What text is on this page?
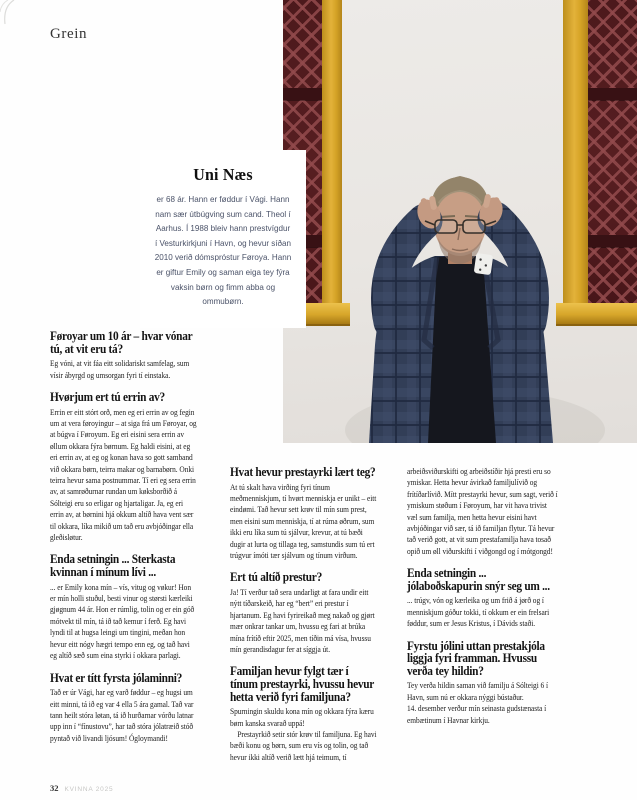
Grein
Uni Næs

er 68 ár. Hann er føddur í Vági. Hann nam sær útbúgving sum cand. Theol í Aarhus. Í 1988 bleiv hann prestvígdur í Vesturkirkjuni í Havn, og hevur síðan 2010 verið dómspróstur Føroya. Hann er giftur Emily og saman eiga tey fýra vaksin børn og fimm abba og ommubørn.

Føroyar um 10 ár – hvar vónar tú, at vit eru tá?

Eg vóni, at vit fáa eitt solidariskt samfelag, sum vísir ábyrgd og umsorgan fyri tí einstaka.

Hvørjum ert tú errin av?

Errin er eitt stórt orð, men eg eri errin av og fegin um at vera føroyingur – at siga frá um Føroyar, og at búgva í Føroyum. Eg eri eisini sera errin av øllum okkara fýra børnum. Eg haldi eisini, at eg eri errin av, at eg og konan hava so gott samband við okkara børn, teirra makar og barnabørn. Onki teirra hevur sama postnummar. Tí eri eg sera errin av, at samrøðurnar rundan um køksborðið á Sólteigi eru so erligar og hjartaligar. Ja, eg eri errin av, at børnini hjá okkum altíð hava vent sær til okkara, líka mikið um tað eru avbjóðingar ella gleðisløtur.

Enda setningin ... Sterkasta kvinnan í mínum lívi ...

... er Emily kona mín – vís, vitug og vøkur! Hon er mín holli stuðul, besti vinur og størsti kærleiki gjøgnum 44 ár. Hon er rúmlig, tolin og er ein góð mótvekt til mín, tá ið tað kemur í ferð. Eg havi lyndi til at hugsa leingi um tingini, meðan hon hevur eitt nógv hægri tempo enn eg, og tað havi eg altíð sæð sum eina styrki í okkara parlagi.

Hvat er títt fyrsta jólaminni?

Tað er úr Vági, har eg varð føddur – eg hugsi um eitt minni, tá ið eg var 4 ella 5 ára gamal. Tað var tann heilt stóra løtan, tá ið hurðarnar vórðu latnar upp inn í “fínustovu”, har tað stóra jólatræið stóð pyntað við livandi ljósum! Ógloymandi!

Hvat hevur prestayrki lært teg?

At tú skalt hava virðing fyri tínum meðmenniskjum, tí hvørt menniskja er unikt – eitt eindømi. Tað hevur sett krøv til mín sum prest, men eisini sum menniskja, tí at rúma øðrum, sum ikki eru líka sum tú sjálvur, krevur, at tú bæði dugir at lurta og tillaga teg, samstundis sum tú ert trúgvur ímóti tær sjálvum og tínum virðum.

Ert tú altíð prestur?

Ja! Tí verður tað sera undarligt at fara undir eitt nýtt tíðarskeið, har eg “bert” eri prestur í hjartanum. Eg havi fyrireikað meg nakað og gjørt mær onkrar tankar um, hvussu eg fari at brúka mína frítíð eftir 2025, men tíðin má vísa, hvussu mín gerandisdagur fer at síggja út.

Familjan hevur fylgt tær í tínum prestayrki, hvussu hevur hetta verið fyri familjuna?

Spurningin skuldu kona mín og okkara fýra kæru børn kanska svarað uppá!

Prestayrkið setir stór krøv til familjuna. Eg havi bæði konu og børn, sum eru vís og tolin, og tað hevur ikki altíð verið lætt hjá teimum, tí

arbeiðsviðurskifti og arbeiðstíðir hjá presti eru so ymiskar. Hetta hevur ávirkað familjulívið og frítíðarlívið. Mítt prestayrki hevur, sum sagt, verið í ymiskum støðum í Føroyum, har vit hava trivist væl sum familja, men hetta hevur eisini havt avbjóðingar við sær, tá ið familjan flytur. Tá hevur tað verið gott, at vit sum prestafamilja hava tosað opið um øll viðurskifti í viðgongd og í mótgongd!

Enda setningin ... jólaboðskapurin snýr seg um ...

... trúgv, vón og kærleika og um frið á jørð og í menniskjum góður tokki, tí okkum er ein frelsari føddur, sum er Jesus Kristus, í Dávids staði.

Fyrstu jólini uttan prestakjóla liggja fyri framman. Hvussu verða tey hildin?

Tey verða hildin saman við familju á Sólteigi 6 í Havn, sum nú er okkara nýggi bústaður.

14. desember verður mín seinasta gudstænasta í embætinum í Havnar kirkju.

32 KVINNA 2025
